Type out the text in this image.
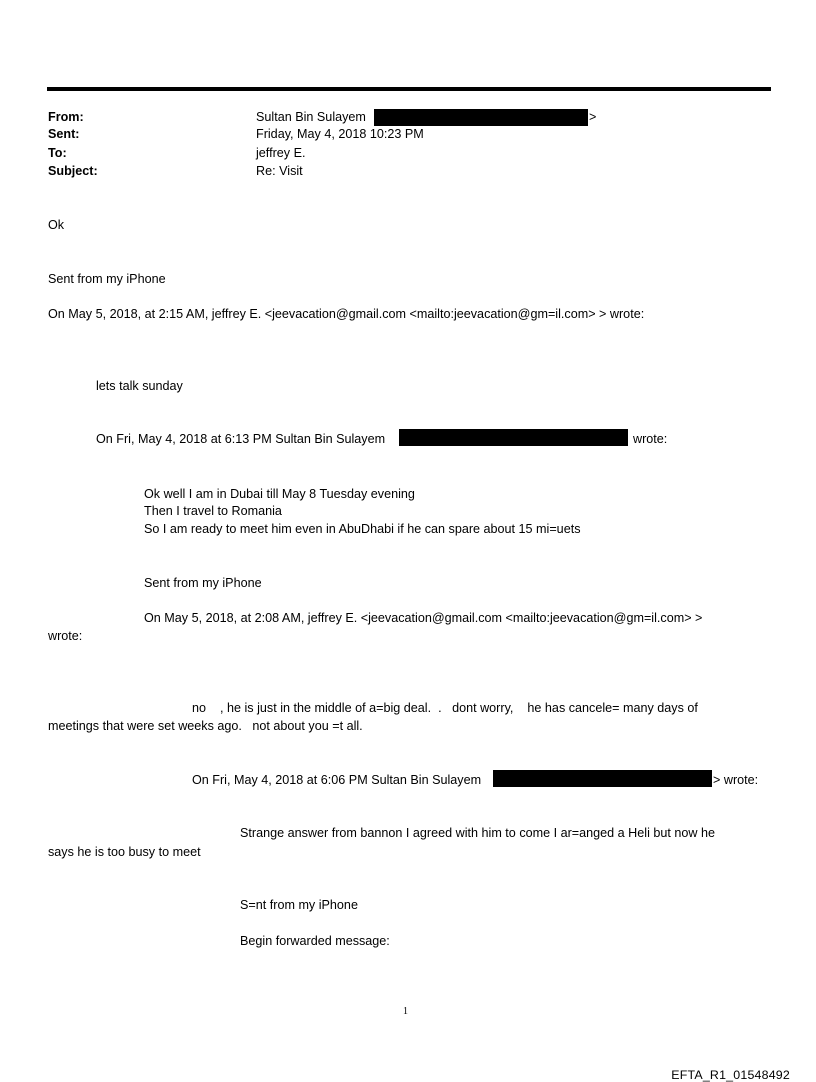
From:	Sultan Bin Sulayem	>

Sent:	Friday, May 4, 2018 10:23 PM

To:	jeffrey E.

Subject:	Re: Visit

Ok

Sent from my iPhone

On May 5, 2018, at 2:15 AM, jeffrey E. <jeevacation@gmail.com <mailto:jeevacation@gm=il.com> > wrote:

lets talk sunday

On Fri, May 4, 2018 at 6:13 PM Sultan Bin Sulayem	wrote:

Ok well I am in Dubai till May 8 Tuesday evening

Then I travel to Romania

So I am ready to meet him even in AbuDhabi if he can spare about 15 mi=uets

Sent from my iPhone

On May 5, 2018, at 2:08 AM, jeffrey E. <jeevacation@gmail.com <mailto:jeevacation@gm=il.com> >

wrote:

no    , he is just in the middle of a=big deal.  .   dont worry,    he has cancele= many days of

meetings that were set weeks ago.   not about you =t all.

On Fri, May 4, 2018 at 6:06 PM Sultan Bin Sulayem	> wrote:

Strange answer from bannon I agreed with him to come I ar=anged a Heli but now he

says he is too busy to meet

S=nt from my iPhone

Begin forwarded message:

1

EFTA_R1_01548492
